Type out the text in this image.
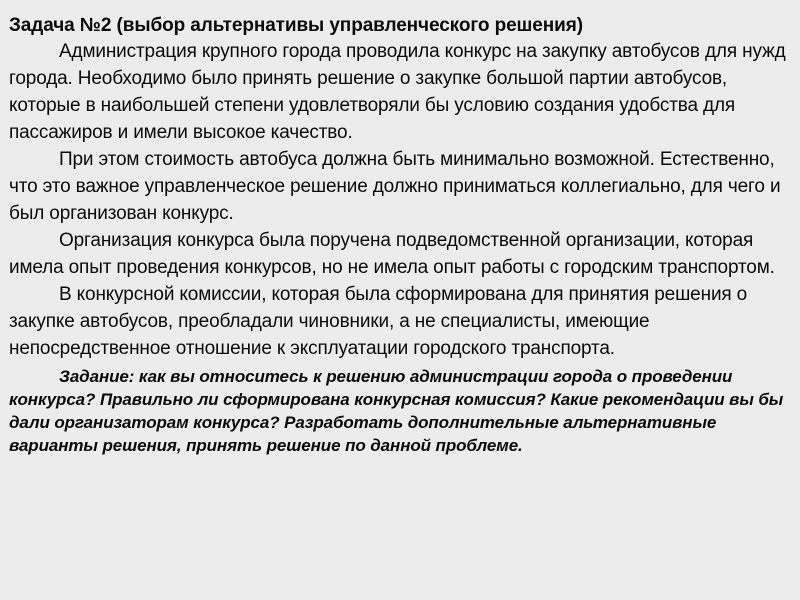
Задача №2 (выбор альтернативы управленческого решения)

Администрация крупного города проводила конкурс на закупку автобусов для нужд города. Необходимо было принять решение о закупке большой партии автобусов, которые в наибольшей степени удовлетворяли бы условию создания удобства для пассажиров и имели высокое качество.

При этом стоимость автобуса должна быть минимально возможной. Естественно, что это важное управленческое решение должно приниматься коллегиально, для чего и был организован конкурс.

Организация конкурса была поручена подведомственной организации, которая имела опыт проведения конкурсов, но не имела опыт работы с городским транспортом.

В конкурсной комиссии, которая была сформирована для принятия решения о закупке автобусов, преобладали чиновники, а не специалисты, имеющие непосредственное отношение к эксплуатации городского транспорта.

Задание: как вы относитесь к решению администрации города о проведении конкурса? Правильно ли сформирована конкурсная комиссия? Какие рекомендации вы бы дали организаторам конкурса? Разработать дополнительные альтернативные варианты решения, принять решение по данной проблеме.
